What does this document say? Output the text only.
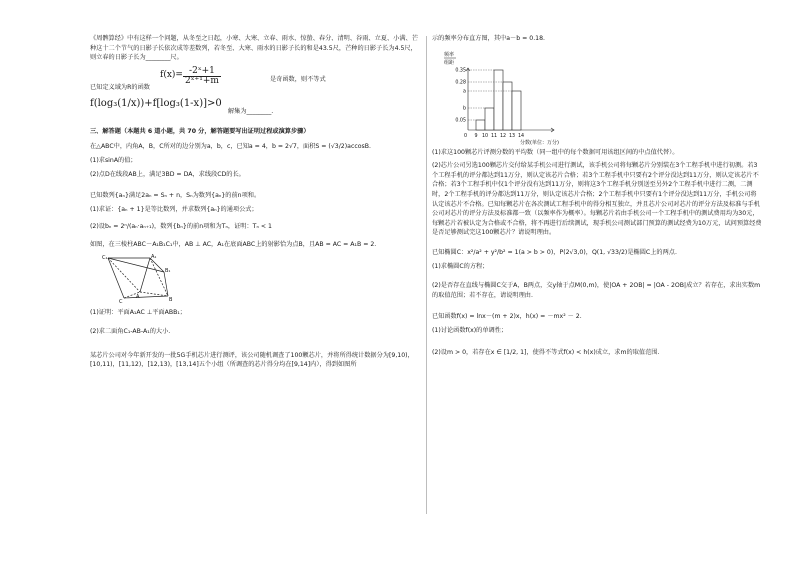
《周髀算经》中有这样一个问题，从冬至之日起，小寒、大寒、立春、雨水、惊蛰、春分、清明、谷雨、立夏、小满、芒种这十二个节气的日影子长依次成等差数列，若冬至、大寒、雨水的日影子长的和是43.5尺，芒种的日影子长为4.5尺，则立春的日影子长为________尺。

$f(x)= \frac{\text{-2ˣ+1}}{\text{2ˣ⁺¹+m}}$
已知定义域为R的函数
是奇函数，则不等式
f(log₃(1/x))+f[log₃(1-x)]>0
解集为________.

三、解答题（本题共 6 道小题，共 70 分，解答题要写出证明过程或演算步骤）

在△ABC中，内角A，B，C所对的边分别为a，b，c，已知a = 4，b = 2√7，面积S = (√3/2)accosB.

(1)求sinA的值；

(2)点D在线段AB上，满足3BD = DA，求线段CD的长。

已知数列{aₙ}满足2aₙ = Sₙ + n，Sₙ为数列{aₙ}的前n项和。

(1)求证：{aₙ + 1}是等比数列，并求数列{aₙ}的通项公式；

(2)设bₙ = 2ⁿ/(aₙ·aₙ₊₁)，数列{bₙ}的前n项和为Tₙ，证明：Tₙ < 1

如图，在三棱柱ABC－A₁B₁C₁中，AB ⊥ AC，A₁在底面ABC上的射影恰为点B，且AB = AC = A₁B = 2.

C₁	A₁
B₁
C
A	B

(1)证明：平面A₁AC ⊥平面ABB₁；

(2)求二面角C₁-AB-A₁的大小.

某芯片公司对今年新开发的一批5G手机芯片进行测评，该公司随机调查了100颗芯片，并将所得统计数据分为[9,10)，[10,11)，[11,12)，[12,13)，[13,14]五个小组（所调查的芯片得分均在[9,14]内），得到如图所

示的频率分布直方图，其中a－b = 0.18.

频率
组距
0.35
0.28
a
b
0.05
0 9 10 11 12 13 14
分数(单位：万分)

(1)求这100颗芯片评测分数的平均数（同一组中的每个数据可用该组区间的中点值代替）。

(2)芯片公司另选100颗芯片交付给某手机公司进行测试，该手机公司将每颗芯片分别装在3个工程手机中进行初测。若3个工程手机的评分都达到11万分，则认定该芯片合格；若3个工程手机中只要有2个评分没达到11万分，则认定该芯片不合格；若3个工程手机中仅1个评分没有达到11万分，则将这3个工程手机分别送至另外2个工程手机中进行二测，二测时，2个工程手机的评分都达到11万分，则认定该芯片合格；2个工程手机中只要有1个评分没达到11万分，手机公司将认定该芯片不合格。已知每颗芯片在各次测试工程手机中的得分相互独立，并且芯片公司对芯片的评分方法及标准与手机公司对芯片的评分方法及标准都一致（以频率作为概率）。每颗芯片若由手机公司一个工程手机中的测试费用均为30元，每颗芯片若被认定为合格或不合格，将不再进行后续测试，现手机公司测试部门预算的测试经费为10万元，试问预算经费是否足够测试完这100颗芯片？请说明理由。

已知椭圆C：x²/a² + y²/b² = 1(a > b > 0)，P(2√3,0)，Q(1, √33/2)是椭圆C上的两点.

(1)求椭圆C的方程；

(2)是否存在直线与椭圆C交于A，B两点，交y轴于点M(0,m)，使|OA + 2OB| = |OA - 2OB|成立？若存在，求出实数m的取值范围；若不存在，请说明理由.

已知函数f(x) = lnx－(m + 2)x，h(x) = －mx² － 2.

(1)讨论函数f(x)的单调性；

(2)设m > 0，若存在x ∈ [1/2, 1]，使得不等式f(x) < h(x)成立，求m的取值范围.
